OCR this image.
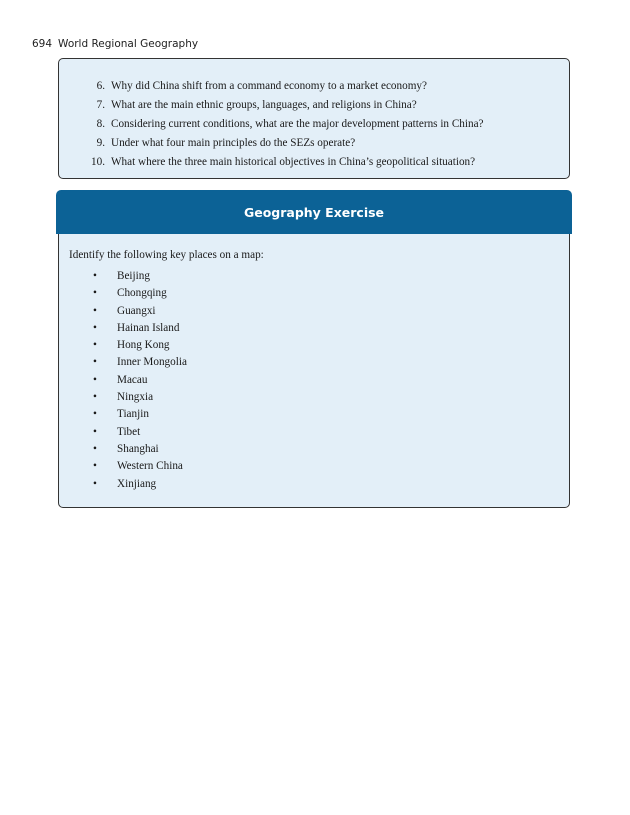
694 World Regional Geography
6. Why did China shift from a command economy to a market economy?
7. What are the main ethnic groups, languages, and religions in China?
8. Considering current conditions, what are the major development patterns in China?
9. Under what four main principles do the SEZs operate?
10. What where the three main historical objectives in China’s geopolitical situation?
Geography Exercise
Identify the following key places on a map:
•	Beijing
•	Chongqing
•	Guangxi
•	Hainan Island
•	Hong Kong
•	Inner Mongolia
•	Macau
•	Ningxia
•	Tianjin
•	Tibet
•	Shanghai
•	Western China
•	Xinjiang
